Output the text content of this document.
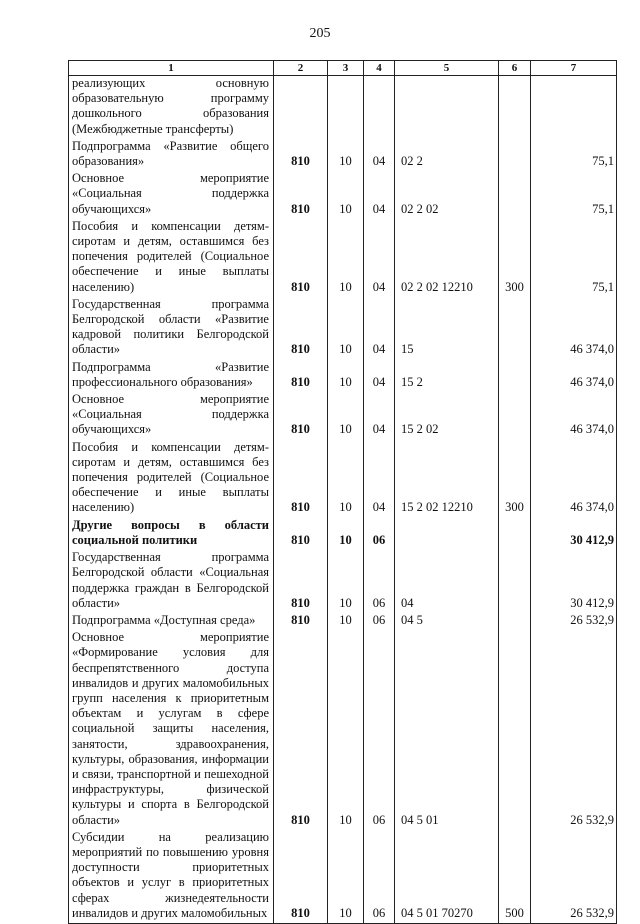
205
1	2	3	4	5	6	7
реализующих основную образовательную программу дошкольного образования (Межбюджетные трансферты)						
Подпрограмма «Развитие общего образования»	810	10	04	02 2		75,1
Основное мероприятие «Социальная поддержка обучающихся»	810	10	04	02 2 02		75,1
Пособия и компенсации детям-сиротам и детям, оставшимся без попечения родителей (Социальное обеспечение и иные выплаты населению)	810	10	04	02 2 02 12210	300	75,1
Государственная программа Белгородской области «Развитие кадровой политики Белгородской области»	810	10	04	15		46 374,0
Подпрограмма «Развитие профессионального образования»	810	10	04	15 2		46 374,0
Основное мероприятие «Социальная поддержка обучающихся»	810	10	04	15 2 02		46 374,0
Пособия и компенсации детям-сиротам и детям, оставшимся без попечения родителей (Социальное обеспечение и иные выплаты населению)	810	10	04	15 2 02 12210	300	46 374,0
Другие вопросы в области социальной политики	810	10	06			30 412,9
Государственная программа Белгородской области «Социальная поддержка граждан в Белгородской области»	810	10	06	04		30 412,9
Подпрограмма «Доступная среда»	810	10	06	04 5		26 532,9
Основное мероприятие «Формирование условия для беспрепятственного доступа инвалидов и других маломобильных групп населения к приоритетным объектам и услугам в сфере социальной защиты населения, занятости, здравоохранения, культуры, образования, информации и связи, транспортной и пешеходной инфраструктуры, физической культуры и спорта в Белгородской области»	810	10	06	04 5 01		26 532,9
Субсидии на реализацию мероприятий по повышению уровня доступности приоритетных объектов и услуг в приоритетных сферах жизнедеятельности инвалидов и других маломобильных	810	10	06	04 5 01 70270	500	26 532,9
